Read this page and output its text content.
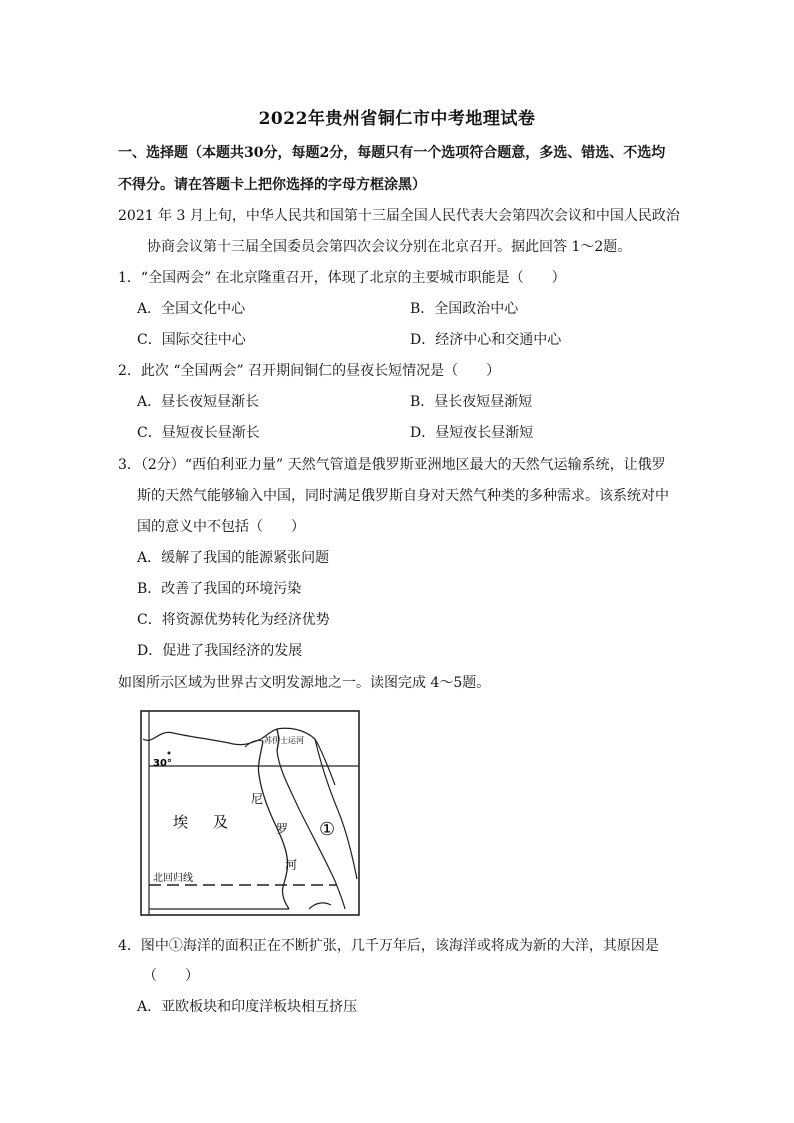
2022年贵州省铜仁市中考地理试卷
一、选择题（本题共30分，每题2分，每题只有一个选项符合题意，多选、错选、不选均
不得分。请在答题卡上把你选择的字母方框涂黑）
2021 年 3 月上旬，中华人民共和国第十三届全国人民代表大会第四次会议和中国人民政治
协商会议第十三届全国委员会第四次会议分别在北京召开。据此回答 1～2题。
1．“全国两会” 在北京隆重召开，体现了北京的主要城市职能是（　　）
A．全国文化中心	B．全国政治中心
C．国际交往中心	D．经济中心和交通中心
2．此次 “全国两会” 召开期间铜仁的昼夜长短情况是（　　）
A．昼长夜短昼渐长	B．昼长夜短昼渐短
C．昼短夜长昼渐长	D．昼短夜长昼渐短
3．（2分）“西伯利亚力量” 天然气管道是俄罗斯亚洲地区最大的天然气运输系统，让俄罗
斯的天然气能够输入中国，同时满足俄罗斯自身对天然气种类的多种需求。该系统对中
国的意义中不包括（　　）
A．缓解了我国的能源紧张问题
B．改善了我国的环境污染
C．将资源优势转化为经济优势
D．促进了我国经济的发展
如图所示区域为世界古文明发源地之一。读图完成 4～5题。
苏伊士运河
30°
埃 及
尼
罗
河
北回归线
①
4．图中①海洋的面积正在不断扩张，几千万年后，该海洋或将成为新的大洋，其原因是
（　　）
A．亚欧板块和印度洋板块相互挤压
